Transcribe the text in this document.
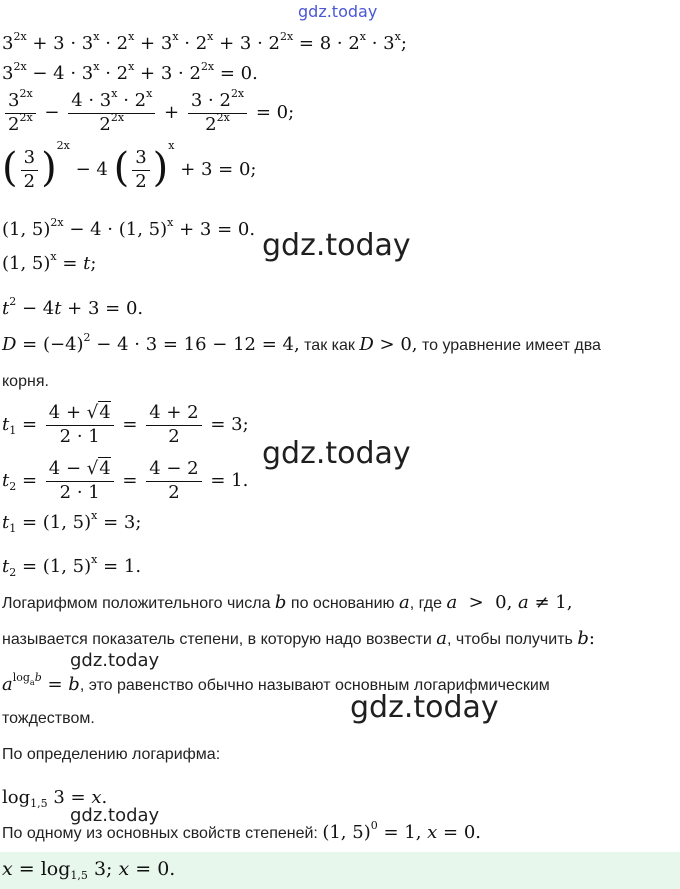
gdz.today
$3^{2x} + 3 \cdot 3^x \cdot 2^x + 3^x \cdot 2^x + 3 \cdot 2^{2x} = 8 \cdot 2^x \cdot 3^x$;
$3^{2x} - 4 \cdot 3^x \cdot 2^x + 3 \cdot 2^{2x} = 0$.
$\frac{3^{2x}}{2^{2x}} - \frac{4 \cdot 3^x \cdot 2^x}{2^{2x}} + \frac{3 \cdot 2^{2x}}{2^{2x}} = 0$;
( $\frac{3}{2} )^{2x} - 4$ ( $\frac{3}{2} )^x + 3 = 0$;
(1, 5)$^{2x}$ − 4 · (1, 5)$^x$ + 3 = 0. gdz.today
(1, 5)$^x$ = t;
$t^2 - 4t + 3 = 0$.
$D = (-4)^2 - 4 \cdot 3 = 16 - 12 = 4$, так как D > 0, то уравнение имеет два
корня.
$t_1 = \frac{4 + √4}{2 \cdot 1} = \frac{4 + 2}{2} = 3$;
gdz.today
$t_2 = \frac{4 - √4}{2 \cdot 1} = \frac{4 - 2}{2} = 1$.
$t_1 = (1$, 5)$^x$ = 3;
$t_2 = (1$, 5)$^x$ = 1.
Логарифмом положительного числа b по основанию a, где a  >  0, a ≠ 1,
называется показатель степени, в которую надо возвести a, чтобы получить b:
gdz.today
$a^{log_ab} = b$, это равенство обычно называют основным логарифмическим
gdz.today
тождеством.
По определению логарифма:
$\log_{1,5} 3 = x$.
gdz.today
По одному из основных свойств степеней: (1, 5)$^0$ = 1, x = 0.
$x = \log_{1,5} 3$; x = 0.
